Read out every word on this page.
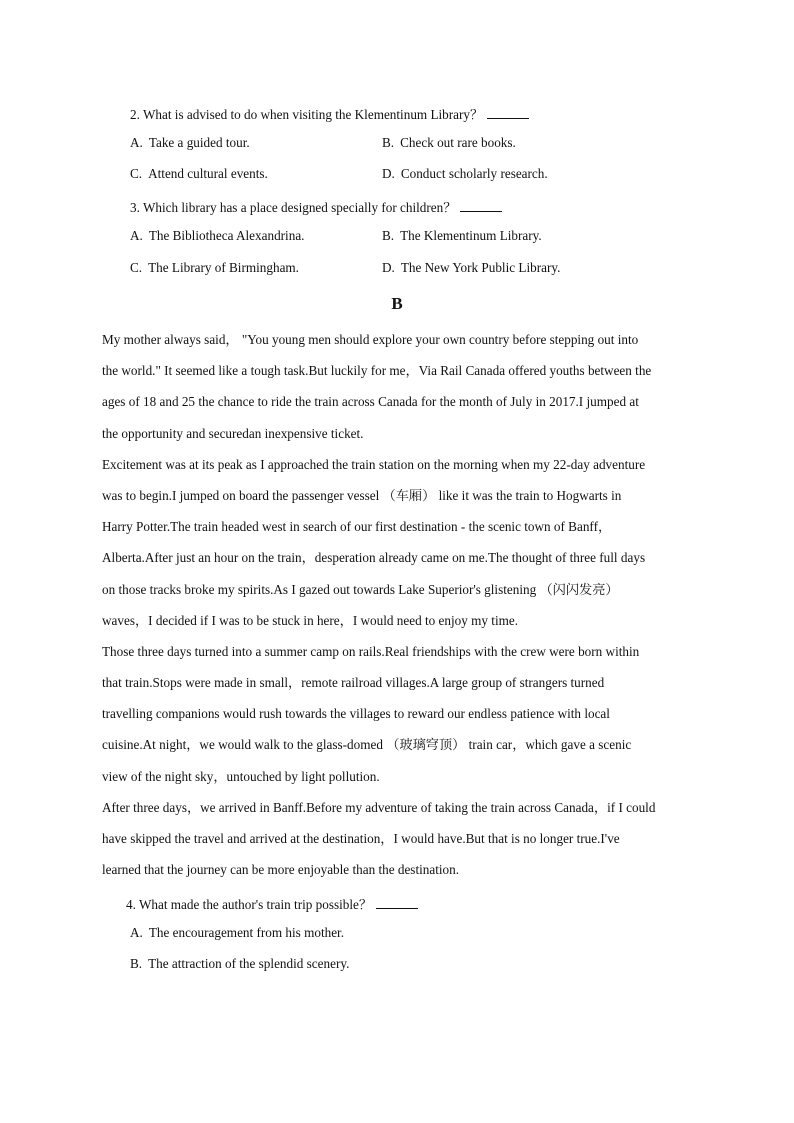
2. What is advised to do when visiting the Klementinum Library？
A. Take a guided tour.	B. Check out rare books.
C. Attend cultural events.	D. Conduct scholarly research.
3. Which library has a place designed specially for children？
A. The Bibliotheca Alexandrina.	B. The Klementinum Library.
C. The Library of Birmingham.	D. The New York Public Library.
B
My mother always said， "You young men should explore your own country before stepping out into
the world." It seemed like a tough task.But luckily for me，Via Rail Canada offered youths between the
ages of 18 and 25 the chance to ride the train across Canada for the month of July in 2017.I jumped at
the opportunity and securedan inexpensive ticket.
Excitement was at its peak as I approached the train station on the morning when my 22-day adventure
was to begin.I jumped on board the passenger vessel （车厢） like it was the train to Hogwarts in
Harry Potter.The train headed west in search of our first destination - the scenic town of Banff，
Alberta.After just an hour on the train，desperation already came on me.The thought of three full days
on those tracks broke my spirits.As I gazed out towards Lake Superior's glistening （闪闪发亮）
waves，I decided if I was to be stuck in here，I would need to enjoy my time.
Those three days turned into a summer camp on rails.Real friendships with the crew were born within
that train.Stops were made in small，remote railroad villages.A large group of strangers turned
travelling companions would rush towards the villages to reward our endless patience with local
cuisine.At night，we would walk to the glass-domed （玻璃穹顶） train car，which gave a scenic
view of the night sky，untouched by light pollution.
After three days，we arrived in Banff.Before my adventure of taking the train across Canada，if I could
have skipped the travel and arrived at the destination，I would have.But that is no longer true.I've
learned that the journey can be more enjoyable than the destination.
4. What made the author's train trip possible？
A. The encouragement from his mother.
B. The attraction of the splendid scenery.
